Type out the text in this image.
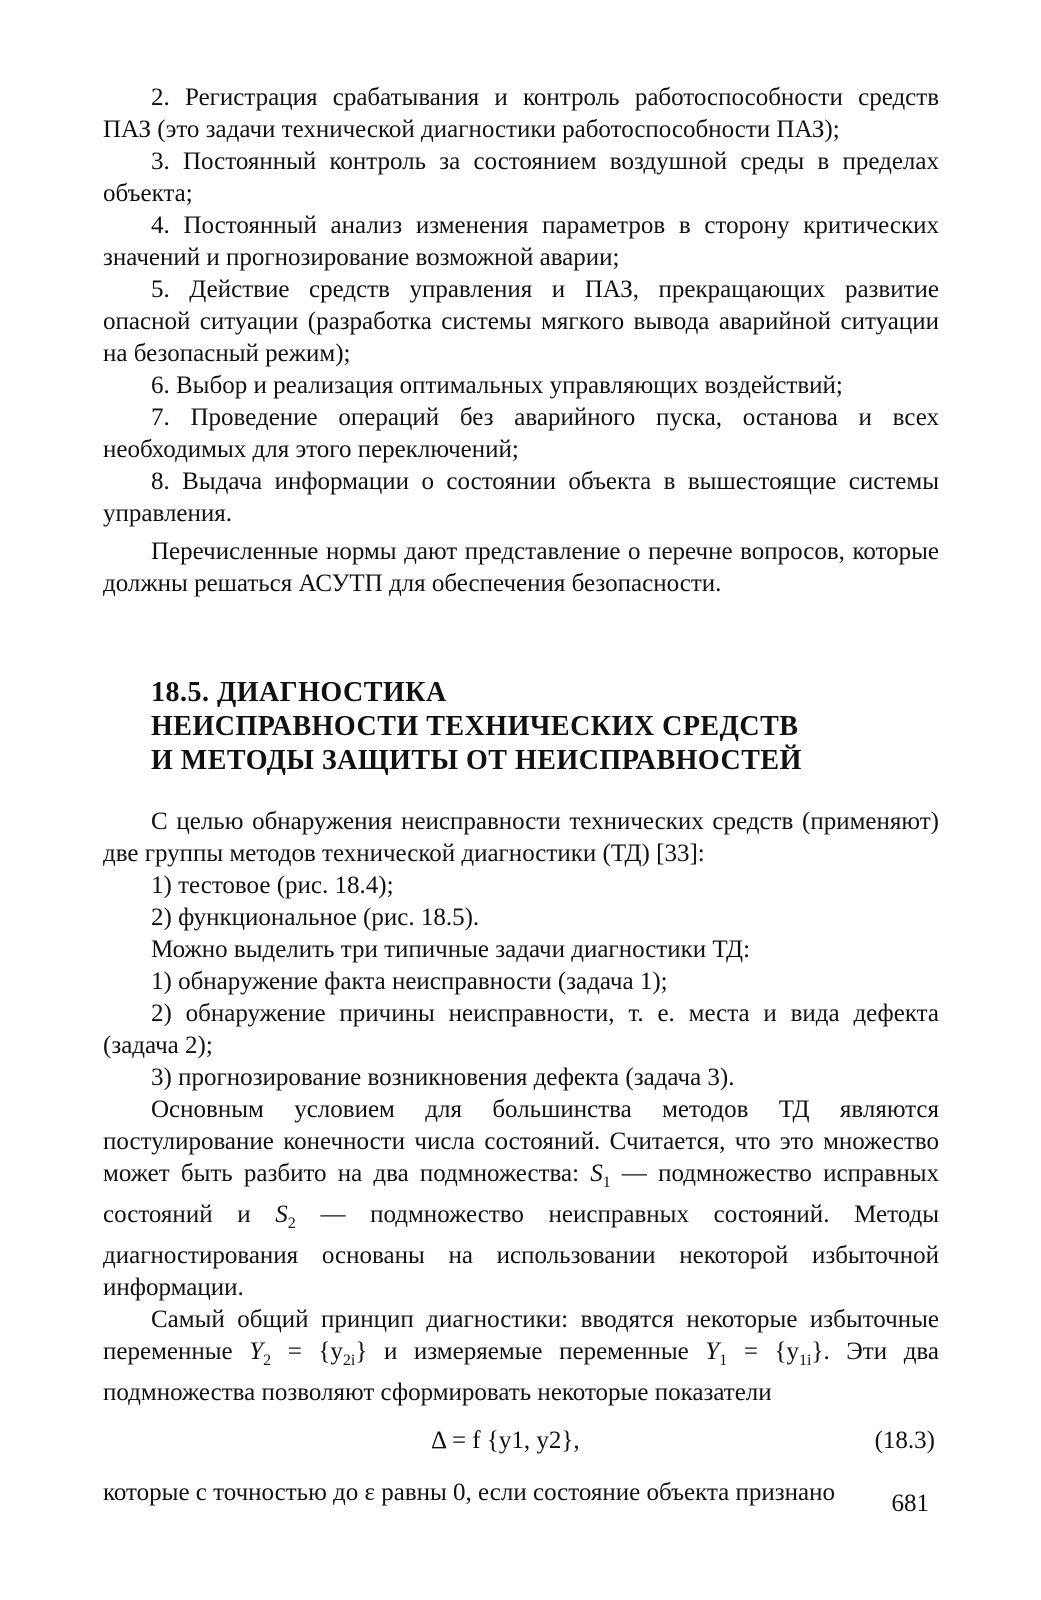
2. Регистрация срабатывания и контроль работоспособности средств ПАЗ (это задачи технической диагностики работоспособности ПАЗ);

3. Постоянный контроль за состоянием воздушной среды в пределах объекта;

4. Постоянный анализ изменения параметров в сторону критических значений и прогнозирование возможной аварии;

5. Действие средств управления и ПАЗ, прекращающих развитие опасной ситуации (разработка системы мягкого вывода аварийной ситуации на безопасный режим);

6. Выбор и реализация оптимальных управляющих воздействий;

7. Проведение операций без аварийного пуска, останова и всех необходимых для этого переключений;

8. Выдача информации о состоянии объекта в вышестоящие системы управления.

Перечисленные нормы дают представление о перечне вопросов, которые должны решаться АСУТП для обеспечения безопасности.

18.5. ДИАГНОСТИКА
НЕИСПРАВНОСТИ ТЕХНИЧЕСКИХ СРЕДСТВ
И МЕТОДЫ ЗАЩИТЫ ОТ НЕИСПРАВНОСТЕЙ

С целью обнаружения неисправности технических средств (применяют) две группы методов технической диагностики (ТД) [33]:

1) тестовое (рис. 18.4);

2) функциональное (рис. 18.5).

Можно выделить три типичные задачи диагностики ТД:

1) обнаружение факта неисправности (задача 1);

2) обнаружение причины неисправности, т. е. места и вида дефекта (задача 2);

3) прогнозирование возникновения дефекта (задача 3).

Основным условием для большинства методов ТД являются постулирование конечности числа состояний. Считается, что это множество может быть разбито на два подмножества: $S_1$ — подмножество исправных состояний и $S_2$ — подмножество неисправных состояний. Методы диагностирования основаны на использовании некоторой избыточной информации.

Самый общий принцип диагностики: вводятся некоторые избыточные переменные $Y_2 = \{y_{2i}\}$ и измеряемые переменные $Y_1 = \{y_{1i}\}$. Эти два подмножества позволяют сформировать некоторые показатели

Δ = f {y1, y2},	(18.3)

которые с точностью до ε равны 0, если состояние объекта признано	681
